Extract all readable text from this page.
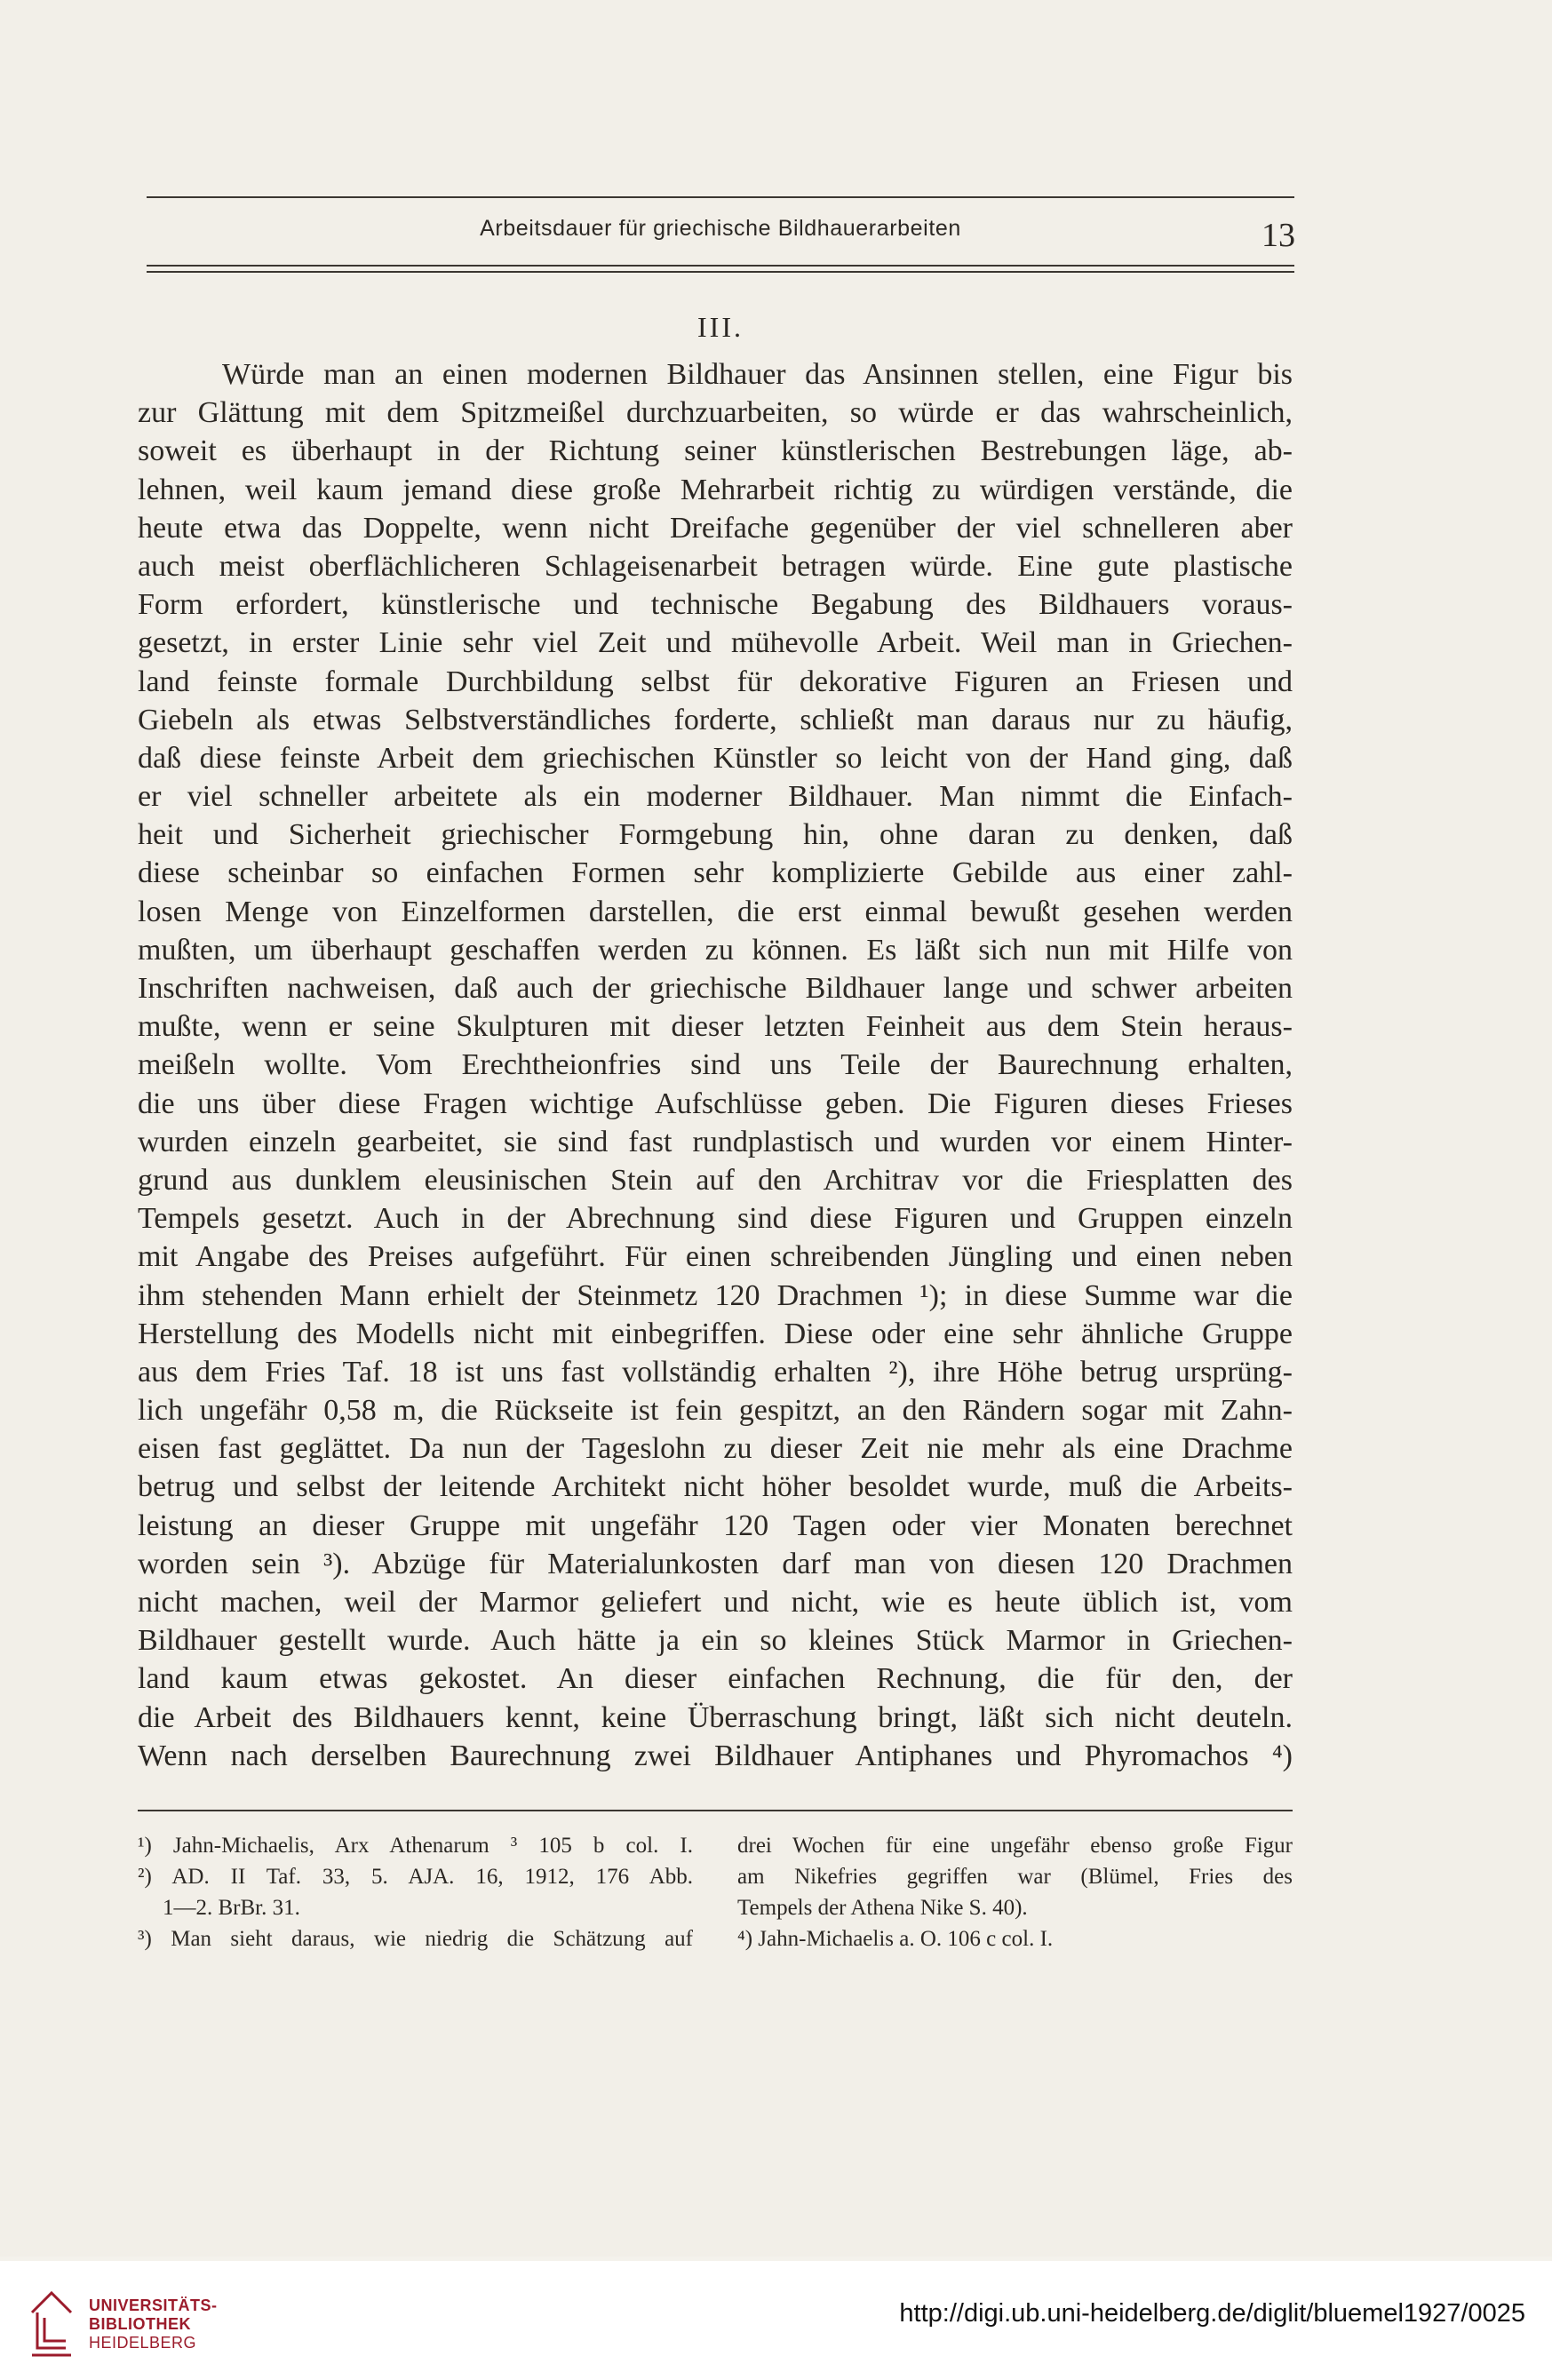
Arbeitsdauer für griechische Bildhauerarbeiten	13
III.
Würde man an einen modernen Bildhauer das Ansinnen stellen, eine Figur bis
zur Glättung mit dem Spitzmeißel durchzuarbeiten, so würde er das wahrscheinlich,
soweit es überhaupt in der Richtung seiner künstlerischen Bestrebungen läge, ab-
lehnen, weil kaum jemand diese große Mehrarbeit richtig zu würdigen verstände, die
heute etwa das Doppelte, wenn nicht Dreifache gegenüber der viel schnelleren aber
auch meist oberflächlicheren Schlageisenarbeit betragen würde. Eine gute plastische
Form erfordert, künstlerische und technische Begabung des Bildhauers voraus-
gesetzt, in erster Linie sehr viel Zeit und mühevolle Arbeit. Weil man in Griechen-
land feinste formale Durchbildung selbst für dekorative Figuren an Friesen und
Giebeln als etwas Selbstverständliches forderte, schließt man daraus nur zu häufig,
daß diese feinste Arbeit dem griechischen Künstler so leicht von der Hand ging, daß
er viel schneller arbeitete als ein moderner Bildhauer. Man nimmt die Einfach-
heit und Sicherheit griechischer Formgebung hin, ohne daran zu denken, daß
diese scheinbar so einfachen Formen sehr komplizierte Gebilde aus einer zahl-
losen Menge von Einzelformen darstellen, die erst einmal bewußt gesehen werden
mußten, um überhaupt geschaffen werden zu können. Es läßt sich nun mit Hilfe von
Inschriften nachweisen, daß auch der griechische Bildhauer lange und schwer arbeiten
mußte, wenn er seine Skulpturen mit dieser letzten Feinheit aus dem Stein heraus-
meißeln wollte. Vom Erechtheionfries sind uns Teile der Baurechnung erhalten,
die uns über diese Fragen wichtige Aufschlüsse geben. Die Figuren dieses Frieses
wurden einzeln gearbeitet, sie sind fast rundplastisch und wurden vor einem Hinter-
grund aus dunklem eleusinischen Stein auf den Architrav vor die Friesplatten des
Tempels gesetzt. Auch in der Abrechnung sind diese Figuren und Gruppen einzeln
mit Angabe des Preises aufgeführt. Für einen schreibenden Jüngling und einen neben
ihm stehenden Mann erhielt der Steinmetz 120 Drachmen ¹); in diese Summe war die
Herstellung des Modells nicht mit einbegriffen. Diese oder eine sehr ähnliche Gruppe
aus dem Fries Taf. 18 ist uns fast vollständig erhalten ²), ihre Höhe betrug ursprüng-
lich ungefähr 0,58 m, die Rückseite ist fein gespitzt, an den Rändern sogar mit Zahn-
eisen fast geglättet. Da nun der Tageslohn zu dieser Zeit nie mehr als eine Drachme
betrug und selbst der leitende Architekt nicht höher besoldet wurde, muß die Arbeits-
leistung an dieser Gruppe mit ungefähr 120 Tagen oder vier Monaten berechnet
worden sein ³). Abzüge für Materialunkosten darf man von diesen 120 Drachmen
nicht machen, weil der Marmor geliefert und nicht, wie es heute üblich ist, vom
Bildhauer gestellt wurde. Auch hätte ja ein so kleines Stück Marmor in Griechen-
land kaum etwas gekostet. An dieser einfachen Rechnung, die für den, der
die Arbeit des Bildhauers kennt, keine Überraschung bringt, läßt sich nicht deuteln.
Wenn nach derselben Baurechnung zwei Bildhauer Antiphanes und Phyromachos ⁴)
¹) Jahn-Michaelis, Arx Athenarum ³ 105 b col. I.
²) AD. II Taf. 33, 5. AJA. 16, 1912, 176 Abb.
1—2. BrBr. 31.
³) Man sieht daraus, wie niedrig die Schätzung auf
drei Wochen für eine ungefähr ebenso große Figur
am Nikefries gegriffen war (Blümel, Fries des
Tempels der Athena Nike S. 40).
⁴) Jahn-Michaelis a. O. 106 c col. I.
UNIVERSITÄTS-
BIBLIOTHEK
HEIDELBERG
http://digi.ub.uni-heidelberg.de/diglit/bluemel1927/0025
